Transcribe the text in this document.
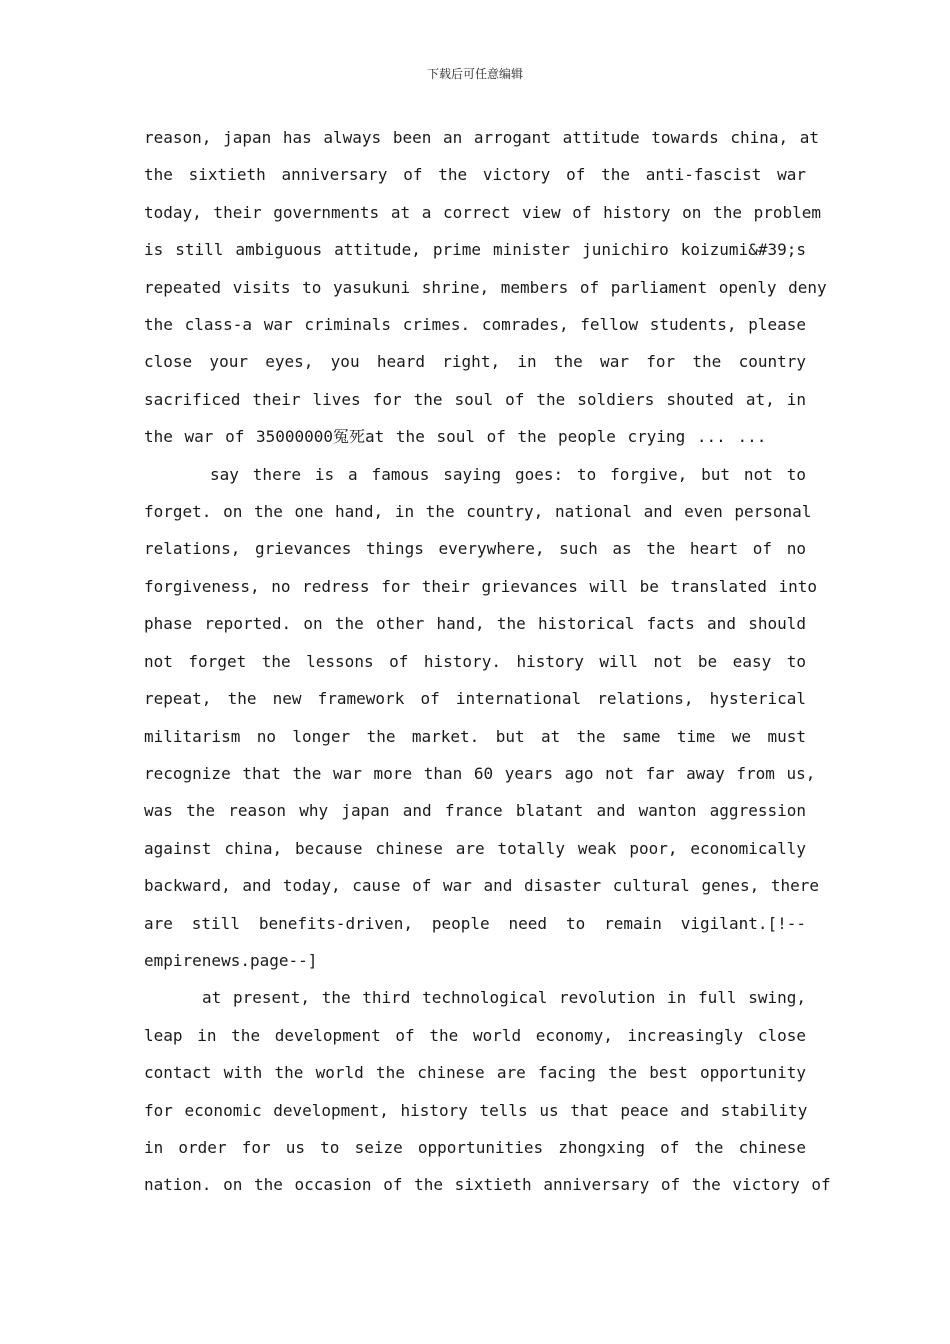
下载后可任意编辑

reason, japan has always been an arrogant attitude towards china, at
the sixtieth anniversary of the victory of the anti-fascist war
today, their governments at a correct view of history on the problem
is still ambiguous attitude, prime minister junichiro koizumi&#39;s
repeated visits to yasukuni shrine, members of parliament openly deny
the class-a war criminals crimes. comrades, fellow students, please
close your eyes, you heard right, in the war for the country
sacrificed their lives for the soul of the soldiers shouted at, in
the war of 35000000冤死at the soul of the people crying ... ...

say there is a famous saying goes: to forgive, but not to
forget. on the one hand, in the country, national and even personal
relations, grievances things everywhere, such as the heart of no
forgiveness, no redress for their grievances will be translated into
phase reported. on the other hand, the historical facts and should
not forget the lessons of history. history will not be easy to
repeat, the new framework of international relations, hysterical
militarism no longer the market. but at the same time we must
recognize that the war more than 60 years ago not far away from us,
was the reason why japan and france blatant and wanton aggression
against china, because chinese are totally weak poor, economically
backward, and today, cause of war and disaster cultural genes, there
are still benefits-driven, people need to remain vigilant.[!--
empirenews.page--]

at present, the third technological revolution in full swing,
leap in the development of the world economy, increasingly close
contact with the world the chinese are facing the best opportunity
for economic development, history tells us that peace and stability
in order for us to seize opportunities zhongxing of the chinese
nation. on the occasion of the sixtieth anniversary of the victory of
